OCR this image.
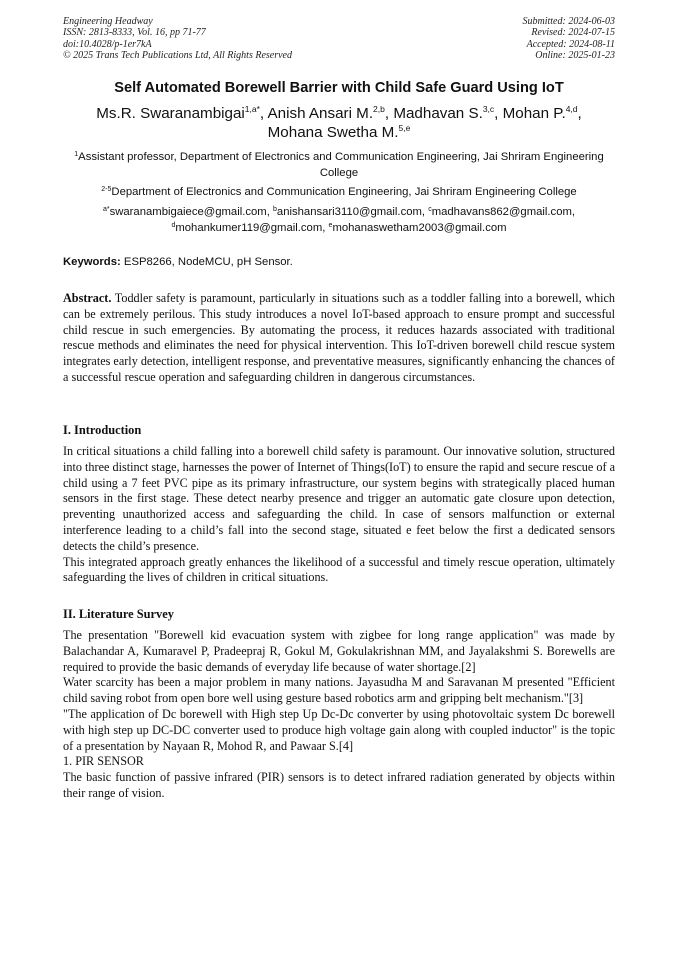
Engineering Headway
ISSN: 2813-8333, Vol. 16, pp 71-77
doi:10.4028/p-1er7kA
© 2025 Trans Tech Publications Ltd, All Rights Reserved
Submitted: 2024-06-03
Revised: 2024-07-15
Accepted: 2024-08-11
Online: 2025-01-23
Self Automated Borewell Barrier with Child Safe Guard Using IoT
Ms.R. Swaranambigai$^{1,a*}$, Anish Ansari M.$^{2,b}$, Madhavan S.$^{3,c}$, Mohan P.$^{4,d}$,
Mohana Swetha M.$^{5,e}$
$^1$Assistant professor, Department of Electronics and Communication Engineering, Jai Shriram Engineering College
$^{2-5}$Department of Electronics and Communication Engineering, Jai Shriram Engineering College
$^{a*}$swaranambigaiece@gmail.com, $^b$anishansari3110@gmail.com, $^c$madhavans862@gmail.com,
$^d$mohankumer119@gmail.com, $^e$mohanaswetham2003@gmail.com
Keywords: ESP8266, NodeMCU, pH Sensor.
Abstract. Toddler safety is paramount, particularly in situations such as a toddler falling into a borewell, which can be extremely perilous. This study introduces a novel IoT-based approach to ensure prompt and successful child rescue in such emergencies. By automating the process, it reduces hazards associated with traditional rescue methods and eliminates the need for physical intervention. This IoT-driven borewell child rescue system integrates early detection, intelligent response, and preventative measures, significantly enhancing the chances of a successful rescue operation and safeguarding children in dangerous circumstances.
I. Introduction

In critical situations a child falling into a borewell child safety is paramount. Our innovative solution, structured into three distinct stage, harnesses the power of Internet of Things(IoT) to ensure the rapid and secure rescue of a child using a 7 feet PVC pipe as its primary infrastructure, our system begins with strategically placed human sensors in the first stage. These detect nearby presence and trigger an automatic gate closure upon detection, preventing unauthorized access and safeguarding the child. In case of sensors malfunction or external interference leading to a child’s fall into the second stage, situated e feet below the first a dedicated sensors detects the child’s presence.

This integrated approach greatly enhances the likelihood of a successful and timely rescue operation, ultimately safeguarding the lives of children in critical situations.

II. Literature Survey

The presentation "Borewell kid evacuation system with zigbee for long range application" was made by Balachandar A, Kumaravel P, Pradeepraj R, Gokul M, Gokulakrishnan MM, and Jayalakshmi S. Borewells are required to provide the basic demands of everyday life because of water shortage.[2]

Water scarcity has been a major problem in many nations. Jayasudha M and Saravanan M presented "Efficient child saving robot from open bore well using gesture based robotics arm and gripping belt mechanism."[3]

"The application of Dc borewell with High step Up Dc-Dc converter by using photovoltaic system Dc borewell with high step up DC-DC converter used to produce high voltage gain along with coupled inductor" is the topic of a presentation by Nayaan R, Mohod R, and Pawaar S.[4]

1. PIR SENSOR

The basic function of passive infrared (PIR) sensors is to detect infrared radiation generated by objects within their range of vision.
